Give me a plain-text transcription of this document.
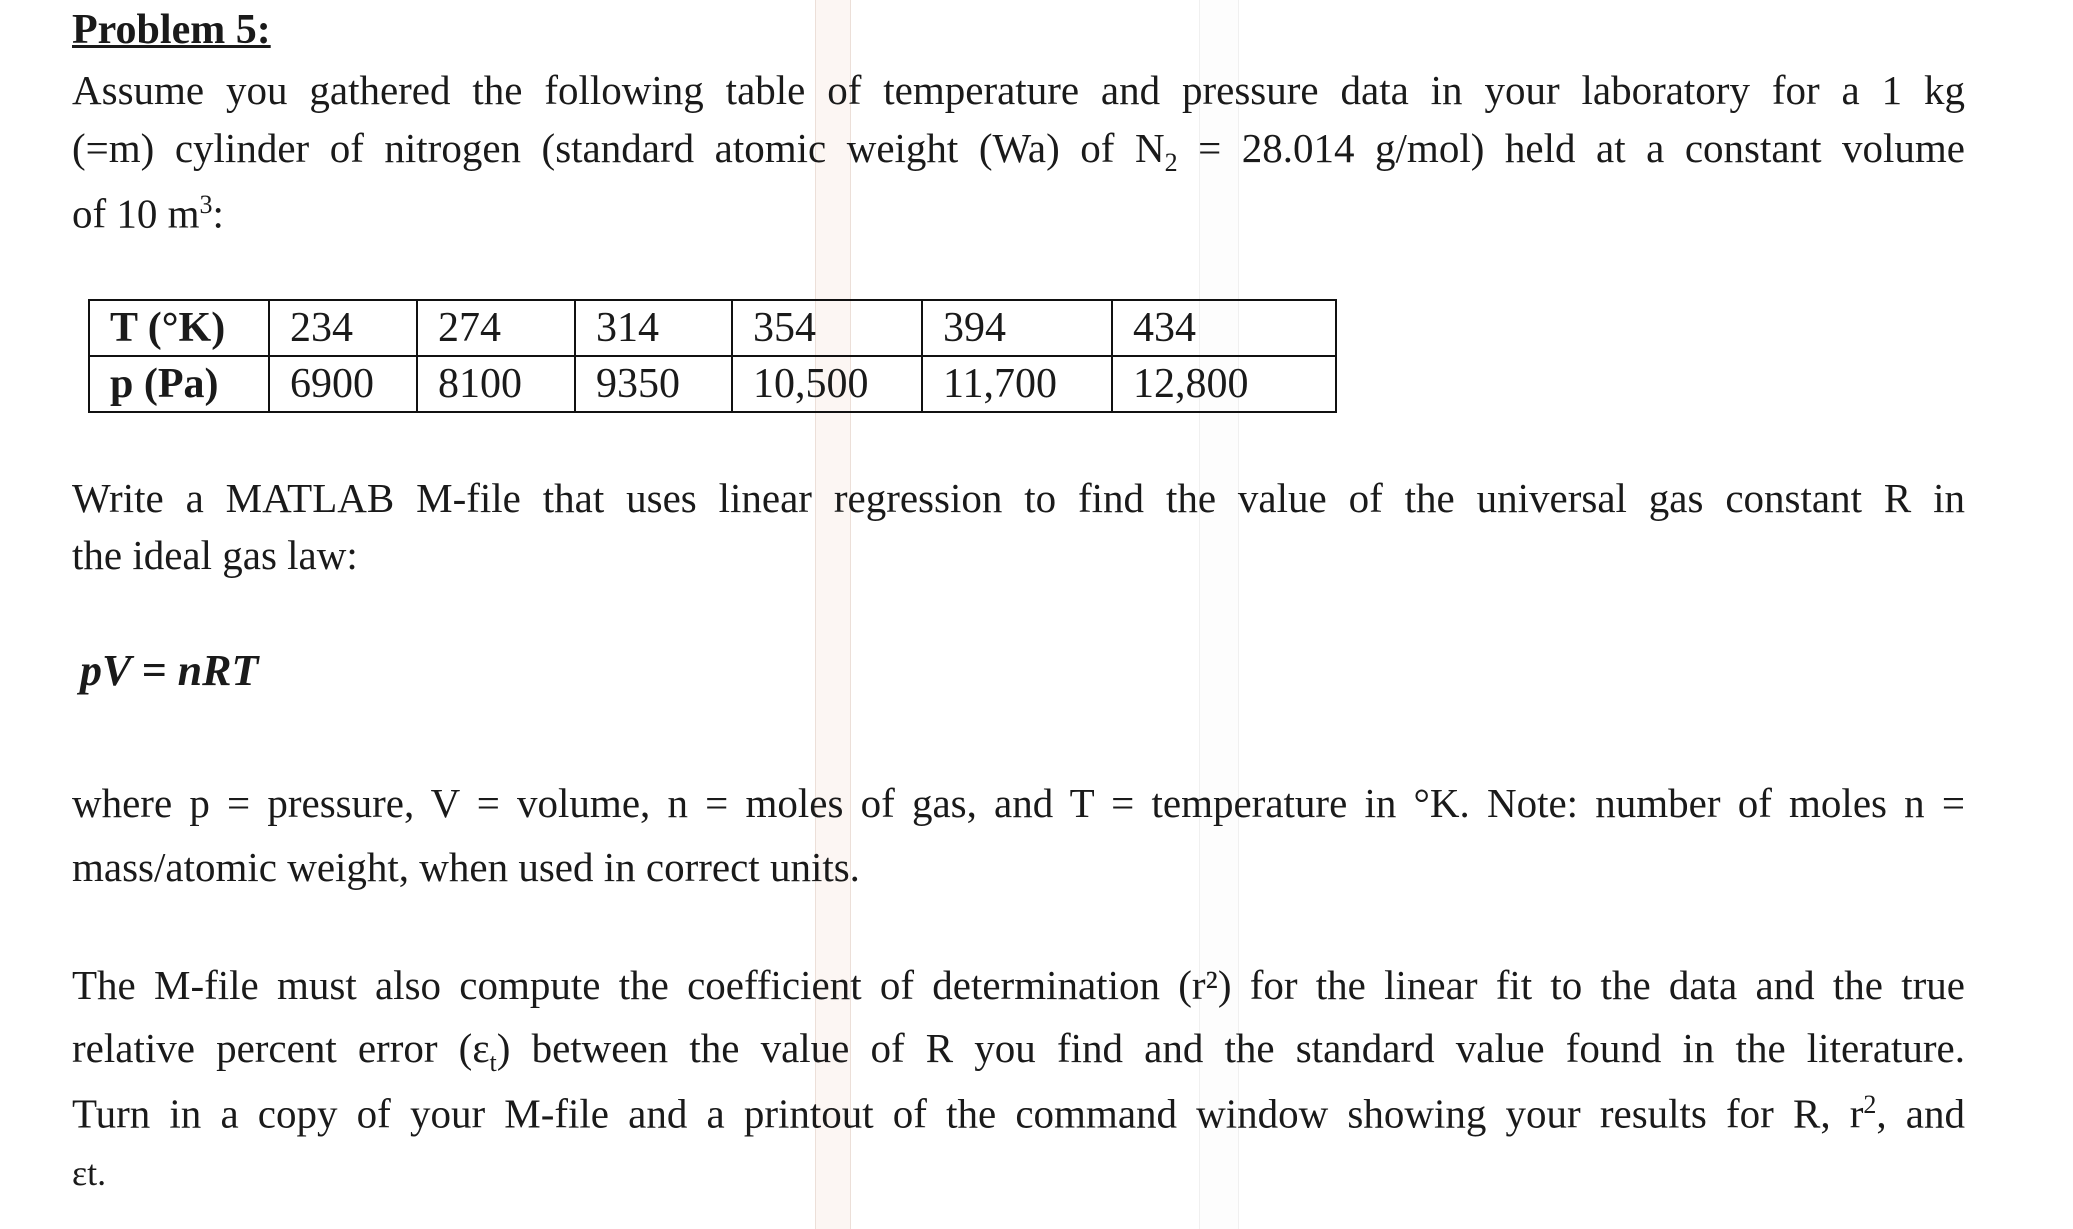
Problem 5:
Assume you gathered the following table of temperature and pressure data in your laboratory for a 1 kg
(=m) cylinder of nitrogen (standard atomic weight (Wa) of $N_2 = 28.014$ g/mol) held at a constant volume
of 10 $m^3$:
T (°K)	234	274	314	354	394	434
p (Pa)	6900	8100	9350	10,500	11,700	12,800
Write a MATLAB M-file that uses linear regression to find the value of the universal gas constant R in
the ideal gas law:
pV = nRT
where p = pressure, V = volume, n = moles of gas, and T = temperature in °K. Note: number of moles n =
mass/atomic weight, when used in correct units.
The M-file must also compute the coefficient of determination (r²) for the linear fit to the data and the true
relative percent error $(\varepsilon_t)$ between the value of R you find and the standard value found in the literature.
Turn in a copy of your M-file and a printout of the command window showing your results for R, $r^2$, and
εt.
